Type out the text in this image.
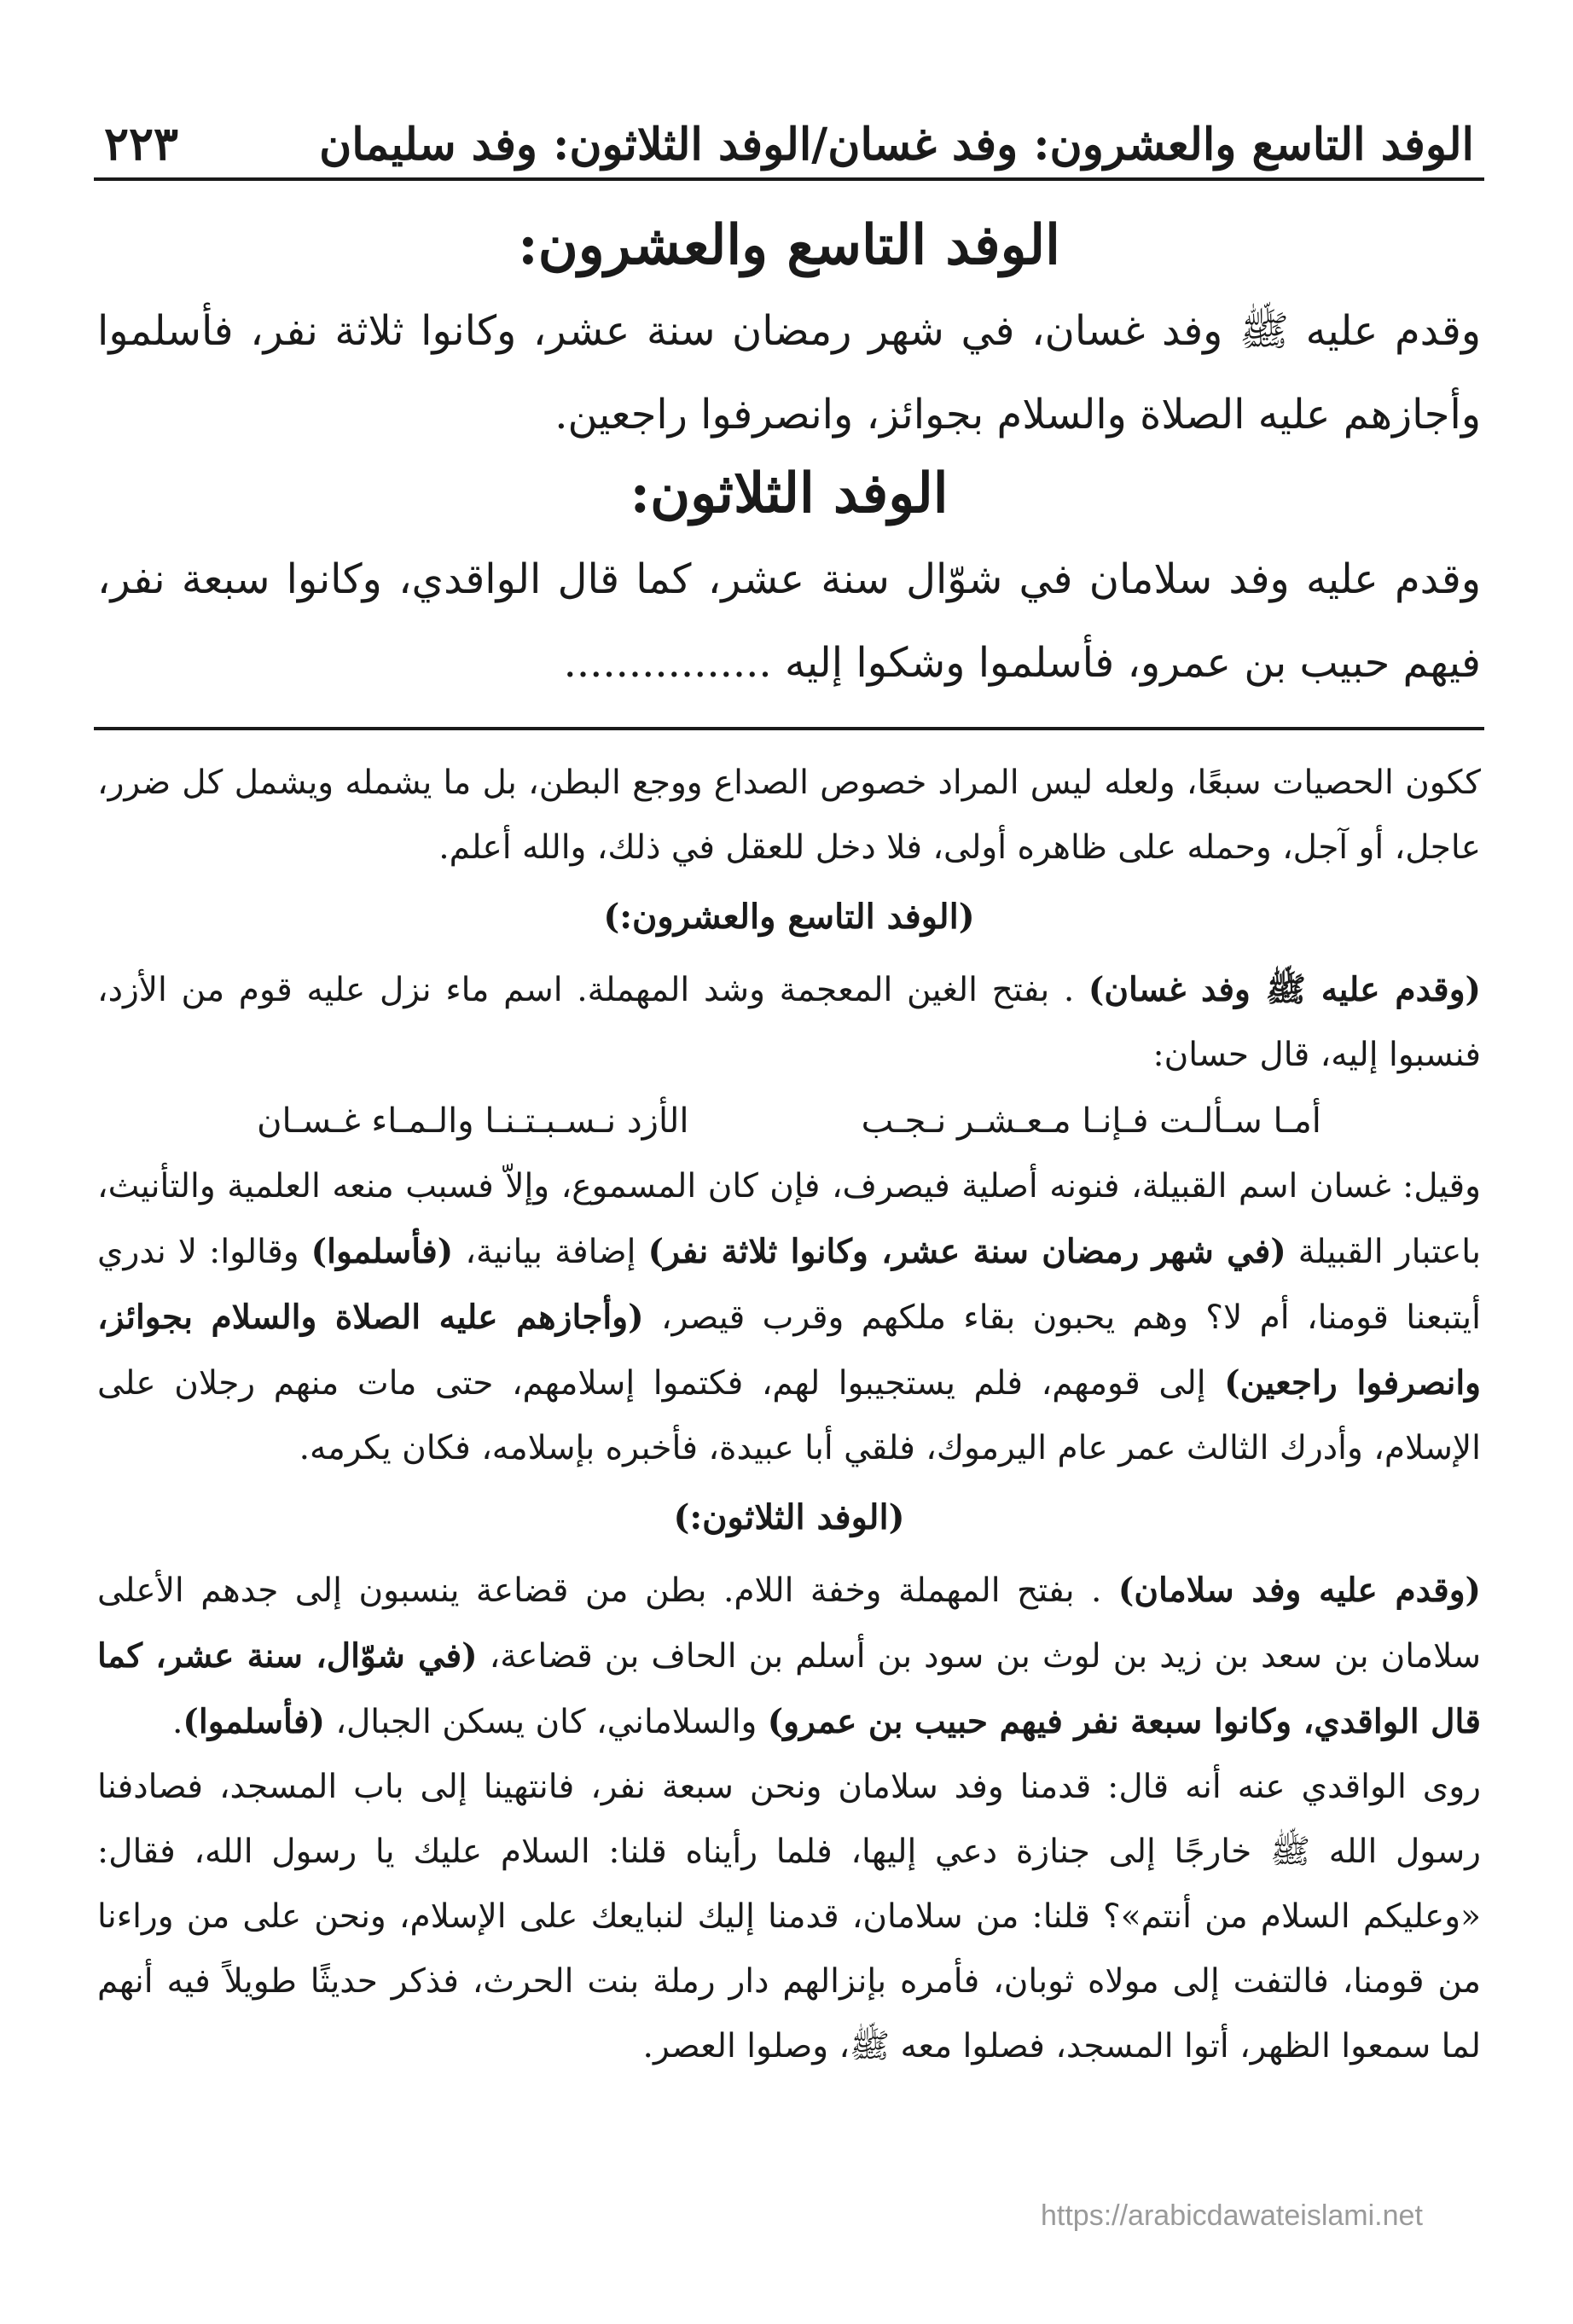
الوفد التاسع والعشرون: وفد غسان/الوفد الثلاثون: وفد سليمان
٢٢٣
الوفد التاسع والعشرون:

وقدم عليه ﷺ وفد غسان، في شهر رمضان سنة عشر، وكانوا ثلاثة نفر، فأسلموا وأجازهم عليه الصلاة والسلام بجوائز، وانصرفوا راجعين.

الوفد الثلاثون:

وقدم عليه وفد سلامان في شوّال سنة عشر، كما قال الواقدي، وكانوا سبعة نفر، فيهم حبيب بن عمرو، فأسلموا وشكوا إليه ................

ككون الحصيات سبعًا، ولعله ليس المراد خصوص الصداع ووجع البطن، بل ما يشمله ويشمل كل ضرر، عاجل، أو آجل، وحمله على ظاهره أولى، فلا دخل للعقل في ذلك، والله أعلم.

(الوفد التاسع والعشرون:)

(وقدم عليه ﷺ وفد غسان) . بفتح الغين المعجمة وشد المهملة. اسم ماء نزل عليه قوم من الأزد، فنسبوا إليه، قال حسان:

أمـا سـألـت فـإنـا مـعـشـر نـجـب
الأزد نـسـبـتـنـا والـمـاء غـسـان

وقيل: غسان اسم القبيلة، فنونه أصلية فيصرف، فإن كان المسموع، وإلاّ فسبب منعه العلمية والتأنيث، باعتبار القبيلة (في شهر رمضان سنة عشر، وكانوا ثلاثة نفر) إضافة بيانية، (فأسلموا) وقالوا: لا ندري أيتبعنا قومنا، أم لا؟ وهم يحبون بقاء ملكهم وقرب قيصر، (وأجازهم عليه الصلاة والسلام بجوائز، وانصرفوا راجعين) إلى قومهم، فلم يستجيبوا لهم، فكتموا إسلامهم، حتى مات منهم رجلان على الإسلام، وأدرك الثالث عمر عام اليرموك، فلقي أبا عبيدة، فأخبره بإسلامه، فكان يكرمه.

(الوفد الثلاثون:)

(وقدم عليه وفد سلامان) . بفتح المهملة وخفة اللام. بطن من قضاعة ينسبون إلى جدهم الأعلى سلامان بن سعد بن زيد بن لوث بن سود بن أسلم بن الحاف بن قضاعة، (في شوّال، سنة عشر، كما قال الواقدي، وكانوا سبعة نفر فيهم حبيب بن عمرو) والسلاماني، كان يسكن الجبال، (فأسلموا).

روى الواقدي عنه أنه قال: قدمنا وفد سلامان ونحن سبعة نفر، فانتهينا إلى باب المسجد، فصادفنا رسول الله ﷺ خارجًا إلى جنازة دعي إليها، فلما رأيناه قلنا: السلام عليك يا رسول الله، فقال: «وعليكم السلام من أنتم»؟ قلنا: من سلامان، قدمنا إليك لنبايعك على الإسلام، ونحن على من وراءنا من قومنا، فالتفت إلى مولاه ثوبان، فأمره بإنزالهم دار رملة بنت الحرث، فذكر حديثًا طويلاً فيه أنهم لما سمعوا الظهر، أتوا المسجد، فصلوا معه ﷺ، وصلوا العصر.

https://arabicdawateislami.net
